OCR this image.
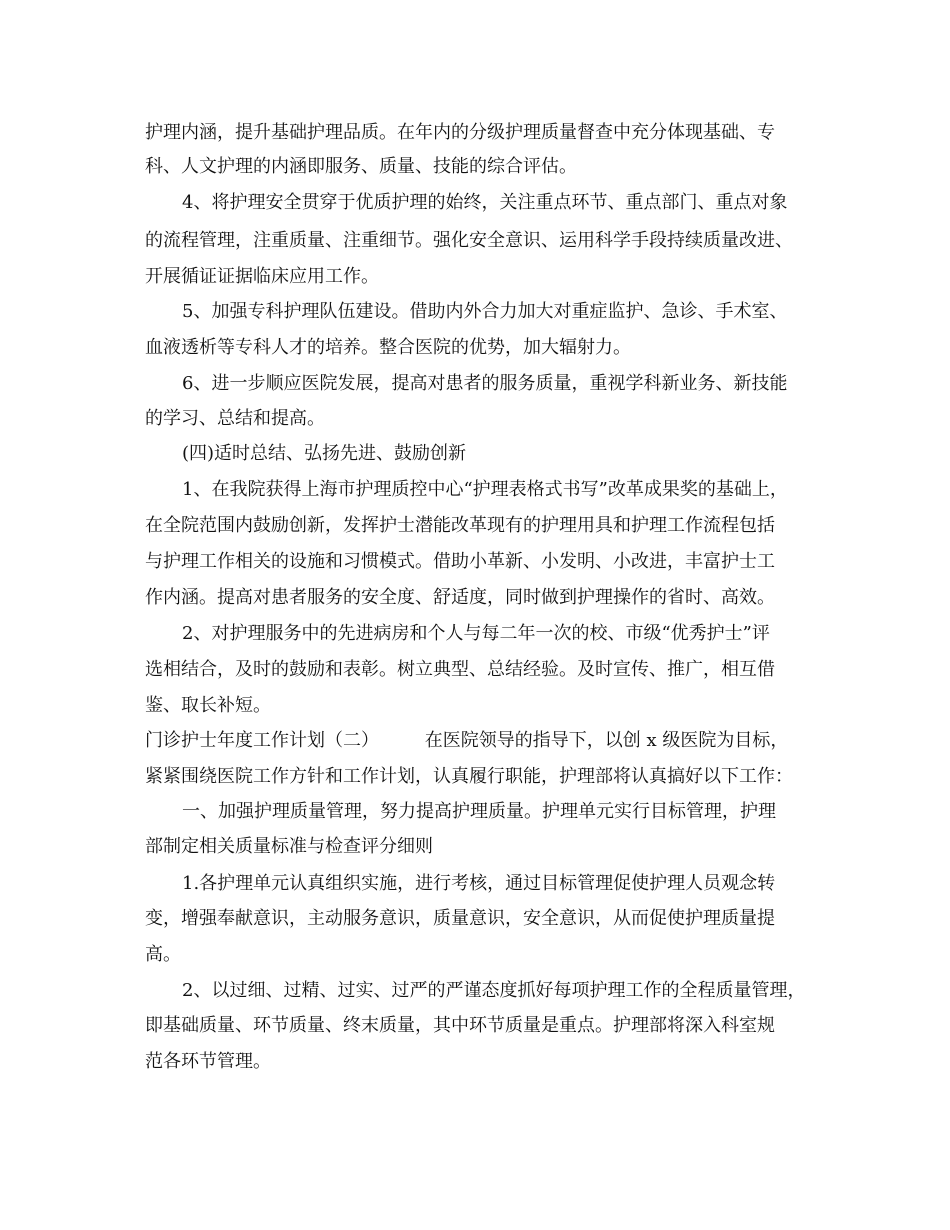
护理内涵，提升基础护理品质。在年内的分级护理质量督查中充分体现基础、专
科、人文护理的内涵即服务、质量、技能的综合评估。
4、将护理安全贯穿于优质护理的始终，关注重点环节、重点部门、重点对象
的流程管理，注重质量、注重细节。强化安全意识、运用科学手段持续质量改进、
开展循证证据临床应用工作。
5、加强专科护理队伍建设。借助内外合力加大对重症监护、急诊、手术室、
血液透析等专科人才的培养。整合医院的优势，加大辐射力。
6、进一步顺应医院发展，提高对患者的服务质量，重视学科新业务、新技能
的学习、总结和提高。
(四)适时总结、弘扬先进、鼓励创新
1、在我院获得上海市护理质控中心“护理表格式书写”改革成果奖的基础上，
在全院范围内鼓励创新，发挥护士潜能改革现有的护理用具和护理工作流程包括
与护理工作相关的设施和习惯模式。借助小革新、小发明、小改进，丰富护士工
作内涵。提高对患者服务的安全度、舒适度，同时做到护理操作的省时、高效。
2、对护理服务中的先进病房和个人与每二年一次的校、市级“优秀护士”评
选相结合，及时的鼓励和表彰。树立典型、总结经验。及时宣传、推广，相互借
鉴、取长补短。
门诊护士年度工作计划（二）        在医院领导的指导下，以创 x 级医院为目标，
紧紧围绕医院工作方针和工作计划，认真履行职能，护理部将认真搞好以下工作：
一、加强护理质量管理，努力提高护理质量。护理单元实行目标管理，护理
部制定相关质量标准与检查评分细则
1.各护理单元认真组织实施，进行考核，通过目标管理促使护理人员观念转
变，增强奉献意识，主动服务意识，质量意识，安全意识，从而促使护理质量提
高。
2、以过细、过精、过实、过严的严谨态度抓好每项护理工作的全程质量管理，
即基础质量、环节质量、终末质量，其中环节质量是重点。护理部将深入科室规
范各环节管理。
